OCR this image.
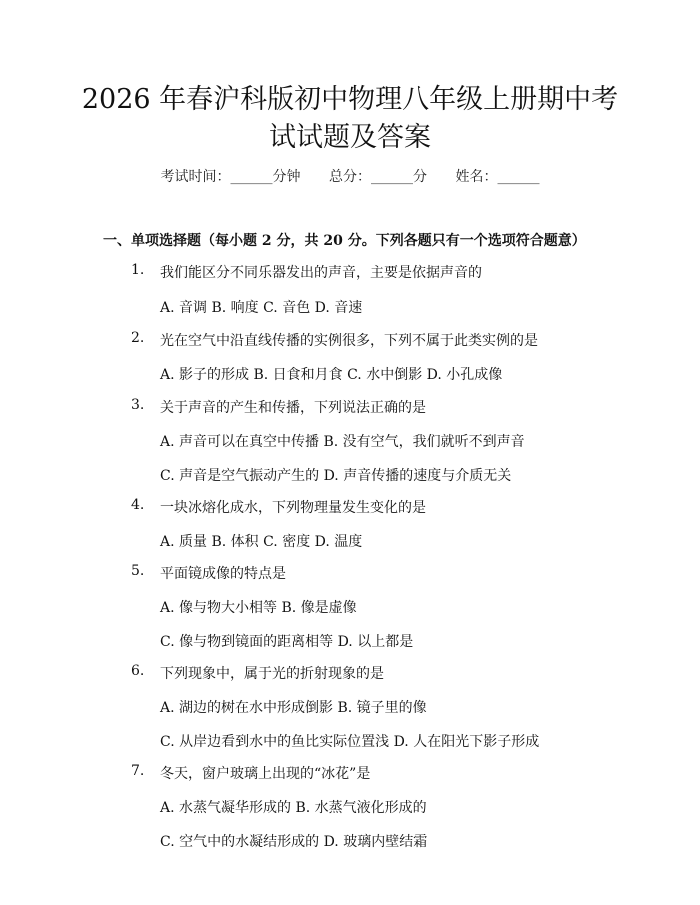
2026 年春沪科版初中物理八年级上册期中考
试试题及答案
考试时间：______分钟 总分：______分 姓名：______
一、单项选择题（每小题 2 分，共 20 分。下列各题只有一个选项符合题意）
1. 我们能区分不同乐器发出的声音，主要是依据声音的
A. 音调 B. 响度 C. 音色 D. 音速
2. 光在空气中沿直线传播的实例很多，下列不属于此类实例的是
A. 影子的形成 B. 日食和月食 C. 水中倒影 D. 小孔成像
3. 关于声音的产生和传播，下列说法正确的是
A. 声音可以在真空中传播 B. 没有空气，我们就听不到声音
C. 声音是空气振动产生的 D. 声音传播的速度与介质无关
4. 一块冰熔化成水，下列物理量发生变化的是
A. 质量 B. 体积 C. 密度 D. 温度
5. 平面镜成像的特点是
A. 像与物大小相等 B. 像是虚像
C. 像与物到镜面的距离相等 D. 以上都是
6. 下列现象中，属于光的折射现象的是
A. 湖边的树在水中形成倒影 B. 镜子里的像
C. 从岸边看到水中的鱼比实际位置浅 D. 人在阳光下影子形成
7. 冬天，窗户玻璃上出现的“冰花”是
A. 水蒸气凝华形成的 B. 水蒸气液化形成的
C. 空气中的水凝结形成的 D. 玻璃内壁结霜
